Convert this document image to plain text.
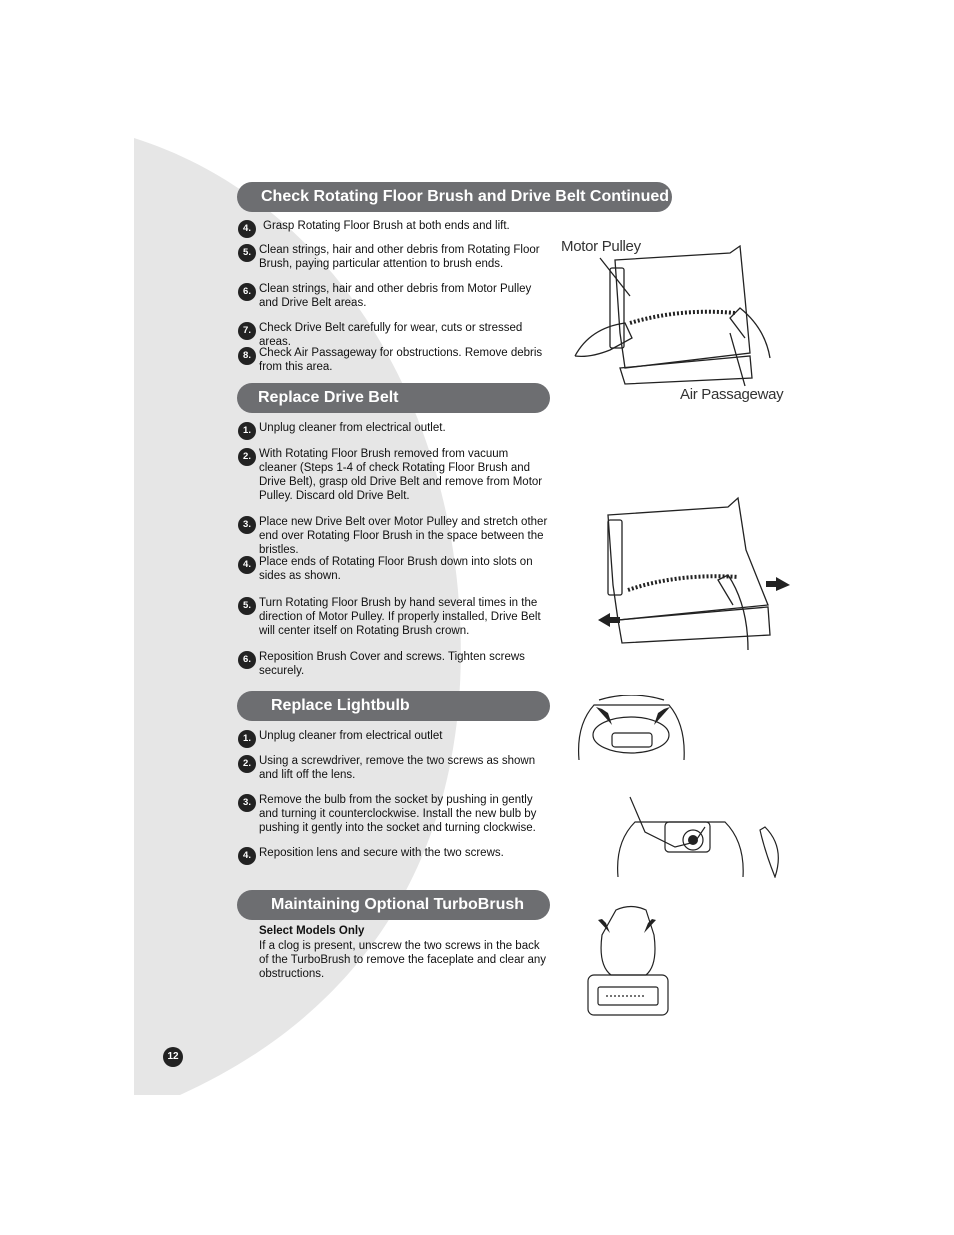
Check Rotating Floor Brush and Drive Belt Continued
4.	Grasp Rotating Floor Brush at both ends and lift.
5. Clean strings, hair and other debris from Rotating Floor Brush, paying particular attention to brush ends.
6. Clean strings, hair and other debris from Motor Pulley and Drive Belt areas.
7. Check Drive Belt carefully for wear, cuts or stressed areas.
8. Check Air Passageway for obstructions. Remove debris from this area.
Motor Pulley
Air Passageway
Replace Drive Belt
1. Unplug cleaner from electrical outlet.
2. With Rotating Floor Brush removed from vacuum cleaner (Steps 1-4 of check Rotating Floor Brush and Drive Belt), grasp old Drive Belt and remove from Motor Pulley. Discard old Drive Belt.
3. Place new Drive Belt over Motor Pulley and stretch other end over Rotating Floor Brush in the space between the bristles.
4. Place ends of Rotating Floor Brush down into slots on sides as shown.
5. Turn Rotating Floor Brush by hand several times in the direction of Motor Pulley. If properly installed, Drive Belt will center itself on Rotating Brush crown.
6. Reposition Brush Cover and screws. Tighten screws securely.
Replace Lightbulb
1. Unplug cleaner from electrical outlet
2. Using a screwdriver, remove the two screws as shown and lift off the lens.
3. Remove the bulb from the socket by pushing in gently and turning it counterclockwise. Install the new bulb by pushing it gently into the socket and turning clockwise.
4. Reposition lens and secure with the two screws.
Maintaining Optional TurboBrush
Select Models Only
If a clog is present, unscrew the two screws in the back of the TurboBrush to remove the faceplate and clear any obstructions.
12
